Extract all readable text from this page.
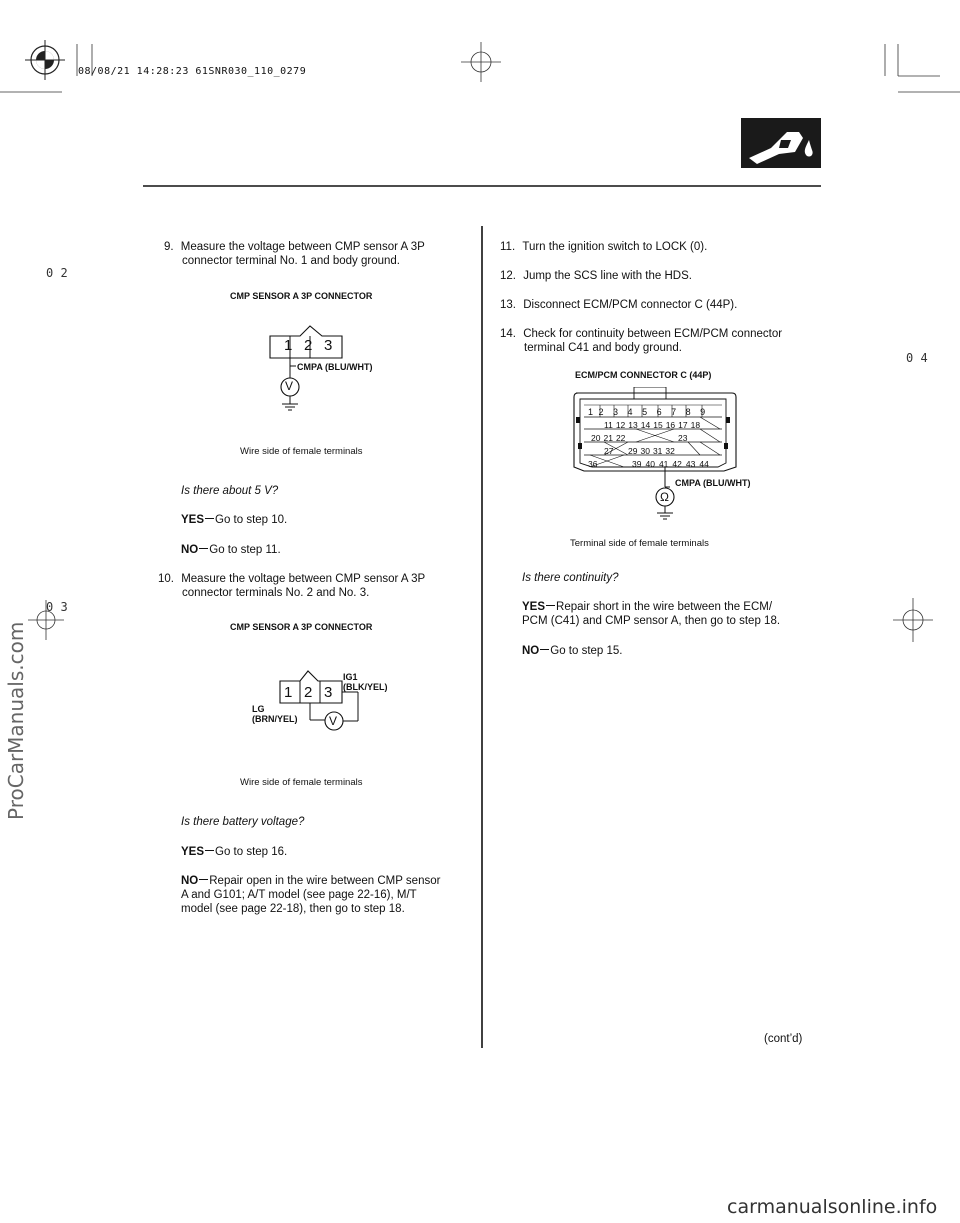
08/08/21 14:28:23 61SNR030_110_0279
0 2
0 4
0 3
ProCarManuals.com
carmanualsonline.info
9. Measure the voltage between CMP sensor A 3P
connector terminal No. 1 and body ground.
CMP SENSOR A 3P CONNECTOR
1 2 3
V
CMPA (BLU/WHT)
Wire side of female terminals
Is there about 5 V?
YES Go to step 10.
NO Go to step 11.
10. Measure the voltage between CMP sensor A 3P
connector terminals No. 2 and No. 3.
CMP SENSOR A 3P CONNECTOR
1 2 3
V
IG1
(BLK/YEL)
LG
(BRN/YEL)
Wire side of female terminals
Is there battery voltage?
YES Go to step 16.
NO Repair open in the wire between CMP sensor
A and G101; A/T model (see page 22-16), M/T
model (see page 22-18), then go to step 18.
11. Turn the ignition switch to LOCK (0).
12. Jump the SCS line with the HDS.
13. Disconnect ECM/PCM connector C (44P).
14. Check for continuity between ECM/PCM connector
terminal C41 and body ground.
ECM/PCM CONNECTOR C (44P)
1 2 3 4 5 6 7 8 9
11 12 13 14 15 16 17 18
20 21 22	23
27 29 30 31 32
36	39 40 41 42 43 44
CMPA (BLU/WHT)
Ω
Terminal side of female terminals
Is there continuity?
YES Repair short in the wire between the ECM/
PCM (C41) and CMP sensor A, then go to step 18.
NO Go to step 15.
(cont’d)
